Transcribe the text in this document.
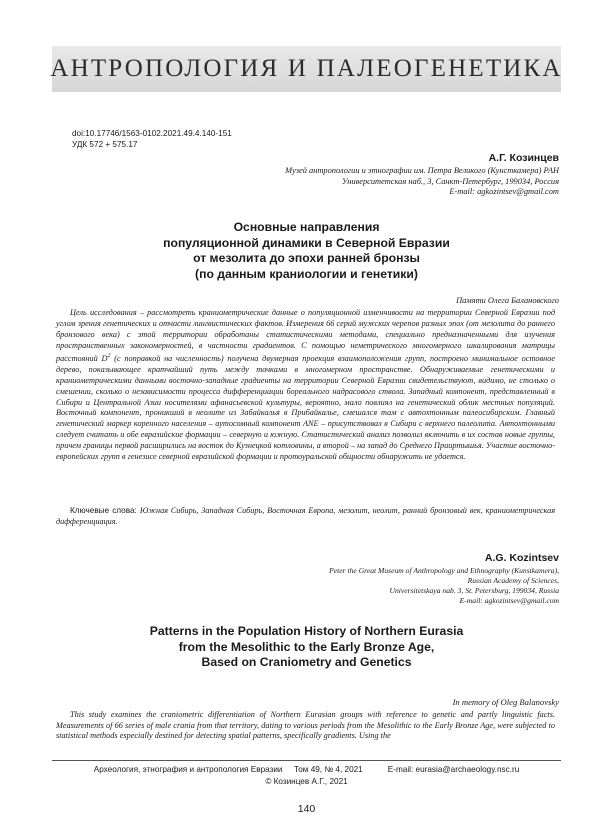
АНТРОПОЛОГИЯ И ПАЛЕОГЕНЕТИКА
doi:10.17746/1563-0102.2021.49.4.140-151
УДК 572 + 575.17
А.Г. Козинцев
Музей антропологии и этнографии им. Петра Великого (Кунсткамера) РАН
Университетская наб., 3, Санкт-Петербург, 199034, Россия
E-mail: agkozintsev@gmail.com
Основные направления
популяционной динамики в Северной Евразии
от мезолита до эпохи ранней бронзы
(по данным краниологии и генетики)
Памяти Олега Балановского
Цель исследования – рассмотреть краниометрические данные о популяционной изменчивости на территории Северной Евразии под углом зрения генетических и отчасти лингвистических фактов. Измерения 66 серий мужских черепов разных эпох (от мезолита до раннего бронзового века) с этой территории обработаны статистическими методами, специально предназначенными для изучения пространственных закономерностей, в частности градиентов. С помощью неметрического многомерного шкалирования матрицы расстояний $D^2$ (с поправкой на численность) получена двумерная проекция взаимоположения групп, построено минимальное остовное дерево, показывающее кратчайший путь между точками в многомерном пространстве. Обнаруживаемые генетическими и краниометрическими данными восточно-западные градиенты на территории Северной Евразии свидетельствуют, видимо, не столько о смешении, сколько о независимости процесса дифференциации бореального надрасового ствола. Западный компонент, представленный в Сибири и Центральной Азии носителями афанасьевской культуры, вероятно, мало повлиял на генетический облик местных популяций. Восточный компонент, проникший в неолите из Забайкалья в Прибайкалье, смешался там с автохтонным палеосибирским. Главный генетический маркер коренного населения – аутосомный компонент ANE – присутствовал в Сибири с верхнего палеолита. Автохтонными следует считать и обе евразийские формации – северную и южную. Статистический анализ позволил включить в их состав новые группы, причем границы первой расширились на восток до Кузнецкой котловины, а второй – на запад до Среднего Прииртышья. Участие восточно-европейских групп в генезисе северной евразийской формации и протоуральской общности обнаружить не удается.
Ключевые слова: Южная Сибирь, Западная Сибирь, Восточная Европа, мезолит, неолит, ранний бронзовый век, краниометрическая дифференциация.
A.G. Kozintsev
Peter the Great Museum of Anthropology and Ethnography (Kunstkamera),
Russian Academy of Sciences,
Universitetskaya nab. 3, St. Petersburg, 199034, Russia
E-mail: agkozintsev@gmail.com
Patterns in the Population History of Northern Eurasia
from the Mesolithic to the Early Bronze Age,
Based on Craniometry and Genetics
In memory of Oleg Balanovsky
This study examines the craniometric differentiation of Northern Eurasian groups with reference to genetic and partly linguistic facts. Measurements of 66 series of male crania from that territory, dating to various periods from the Mesolithic to the Early Bronze Age, were subjected to statistical methods especially destined for detecting spatial patterns, specifically gradients. Using the
Археология, этнография и антропология Евразии Том 49, № 4, 2021	E-mail: eurasia@archaeology.nsc.ru
© Козинцев А.Г., 2021
140
